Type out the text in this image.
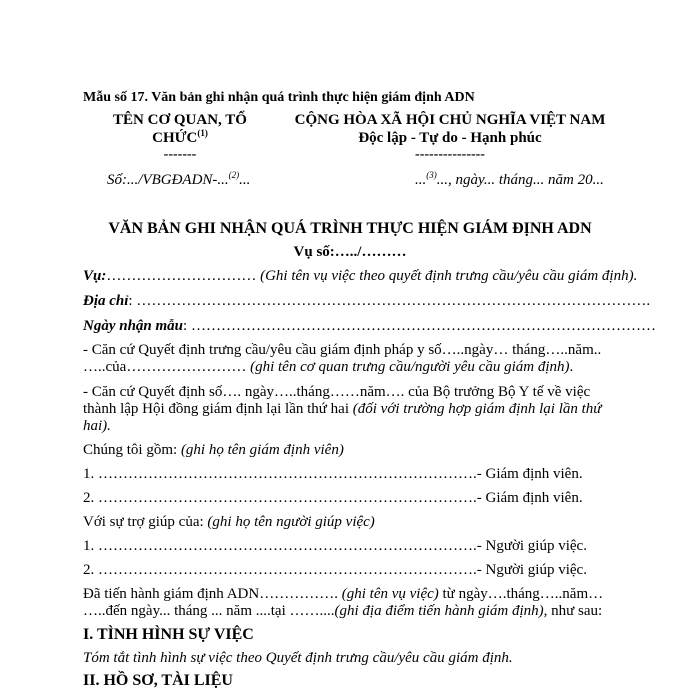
Mẫu số 17. Văn bản ghi nhận quá trình thực hiện giám định ADN
TÊN CƠ QUAN, TỔ
CHỨC$^{(1)}$
-------
CỘNG HÒA XÃ HỘI CHỦ NGHĨA VIỆT NAM
Độc lập - Tự do - Hạnh phúc
---------------
Số:.../VBGĐADN-...$^{(2)}$...	...$^{(3)}$..., ngày... tháng... năm 20...
VĂN BẢN GHI NHẬN QUÁ TRÌNH THỰC HIỆN GIÁM ĐỊNH ADN
Vụ số:…../………
Vụ:………………………… (Ghi tên vụ việc theo quyết định trưng cầu/yêu cầu giám định).
Địa chỉ: ………………………………………………………………………………………….
Ngày nhận mẫu: …………………………………………………………………………………
- Căn cứ Quyết định trưng cầu/yêu cầu giám định pháp y số…..ngày… tháng…..năm..
…..của…………………… (ghi tên cơ quan trưng cầu/người yêu cầu giám định).
- Căn cứ Quyết định số…. ngày…..tháng……năm…. của Bộ trưởng Bộ Y tế về việc
thành lập Hội đồng giám định lại lần thứ hai (đối với trường hợp giám định lại lần thứ
hai).
Chúng tôi gồm: (ghi họ tên giám định viên)
1. ………………………………………………………………….- Giám định viên.
2. ………………………………………………………………….- Giám định viên.
Với sự trợ giúp của: (ghi họ tên người giúp việc)
1. ………………………………………………………………….- Người giúp việc.
2. ………………………………………………………………….- Người giúp việc.
Đã tiến hành giám định ADN……………. (ghi tên vụ việc) từ ngày….tháng…..năm…
…..đến ngày... tháng ... năm ....tại ……....(ghi địa điểm tiến hành giám định), như sau:
I. TÌNH HÌNH SỰ VIỆC
Tóm tắt tình hình sự việc theo Quyết định trưng cầu/yêu cầu giám định.
II. HỒ SƠ, TÀI LIỆU
